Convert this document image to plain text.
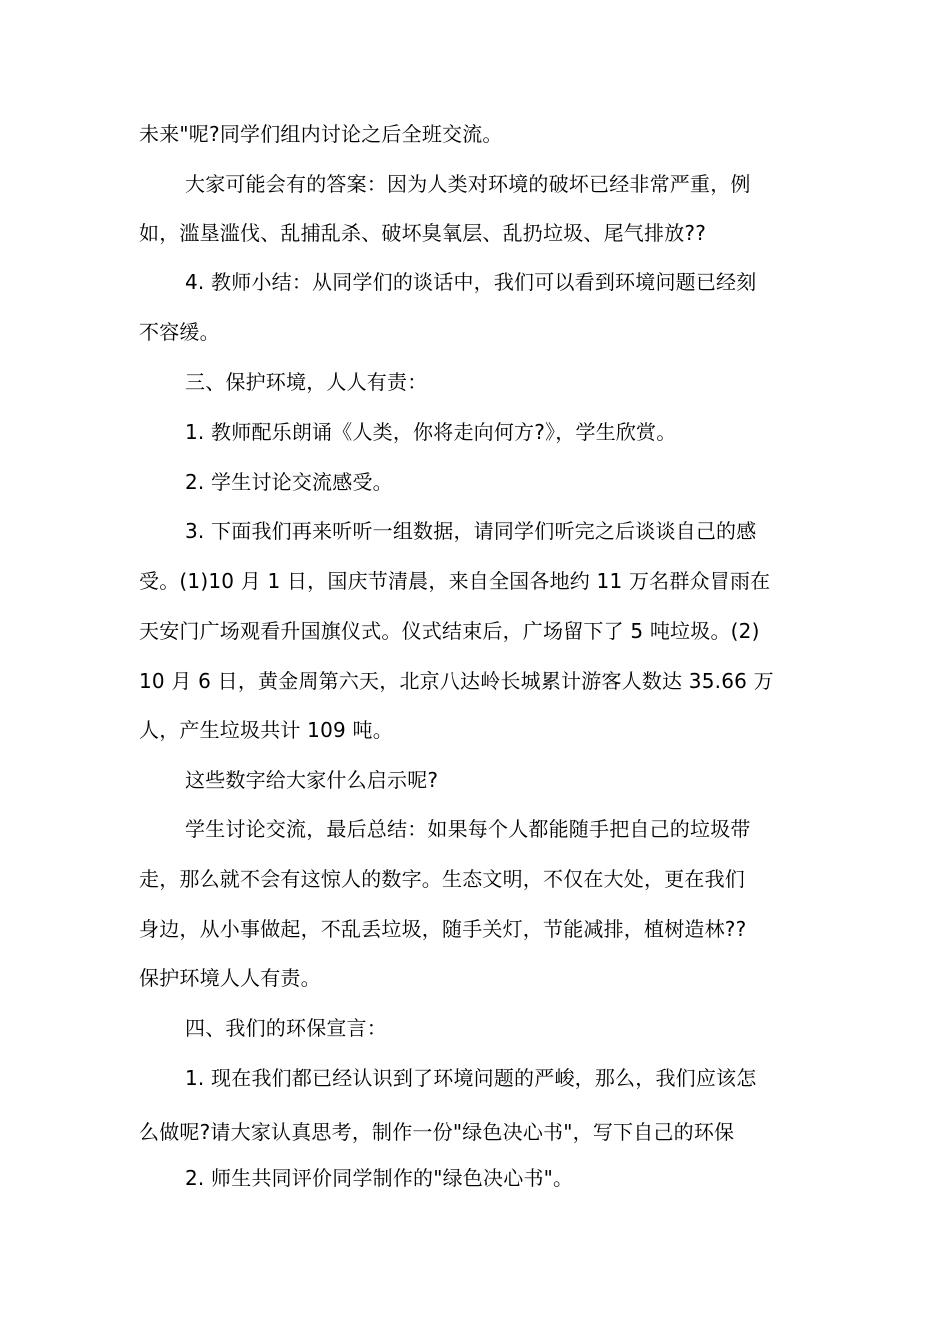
未来"呢?同学们组内讨论之后全班交流。
大家可能会有的答案：因为人类对环境的破坏已经非常严重，例
如，滥垦滥伐、乱捕乱杀、破坏臭氧层、乱扔垃圾、尾气排放??
4. 教师小结：从同学们的谈话中，我们可以看到环境问题已经刻
不容缓。
三、保护环境，人人有责：
1. 教师配乐朗诵《人类，你将走向何方?》，学生欣赏。
2. 学生讨论交流感受。
3. 下面我们再来听听一组数据，请同学们听完之后谈谈自己的感
受。(1)10 月 1 日，国庆节清晨，来自全国各地约 11 万名群众冒雨在
天安门广场观看升国旗仪式。仪式结束后，广场留下了 5 吨垃圾。(2)
10 月 6 日，黄金周第六天，北京八达岭长城累计游客人数达 35.66 万
人，产生垃圾共计 109 吨。
这些数字给大家什么启示呢?
学生讨论交流，最后总结：如果每个人都能随手把自己的垃圾带
走，那么就不会有这惊人的数字。生态文明，不仅在大处，更在我们
身边，从小事做起，不乱丢垃圾，随手关灯，节能减排，植树造林??
保护环境人人有责。
四、我们的环保宣言：
1. 现在我们都已经认识到了环境问题的严峻，那么，我们应该怎
么做呢?请大家认真思考，制作一份"绿色决心书"，写下自己的环保
2. 师生共同评价同学制作的"绿色决心书"。
